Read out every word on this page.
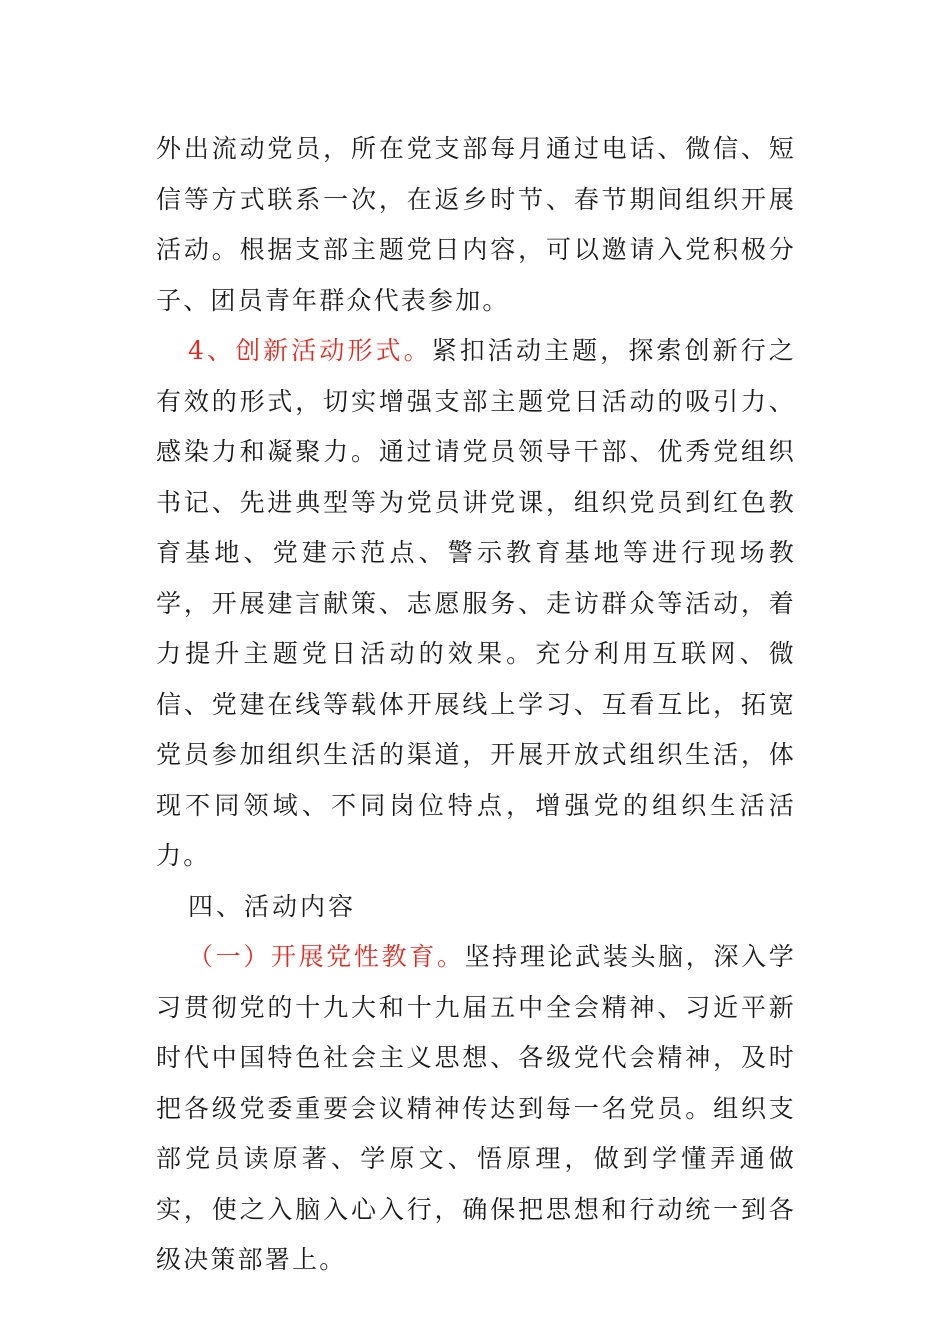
外出流动党员，所在党支部每月通过电话、微信、短信等方式联系一次，在返乡时节、春节期间组织开展活动。根据支部主题党日内容，可以邀请入党积极分子、团员青年群众代表参加。

4、创新活动形式。紧扣活动主题，探索创新行之有效的形式，切实增强支部主题党日活动的吸引力、感染力和凝聚力。通过请党员领导干部、优秀党组织书记、先进典型等为党员讲党课，组织党员到红色教育基地、党建示范点、警示教育基地等进行现场教学，开展建言献策、志愿服务、走访群众等活动，着力提升主题党日活动的效果。充分利用互联网、微信、党建在线等载体开展线上学习、互看互比，拓宽党员参加组织生活的渠道，开展开放式组织生活，体现不同领域、不同岗位特点，增强党的组织生活活力。

四、活动内容

（一）开展党性教育。坚持理论武装头脑，深入学习贯彻党的十九大和十九届五中全会精神、习近平新时代中国特色社会主义思想、各级党代会精神，及时把各级党委重要会议精神传达到每一名党员。组织支部党员读原著、学原文、悟原理，做到学懂弄通做实，使之入脑入心入行，确保把思想和行动统一到各级决策部署上。
